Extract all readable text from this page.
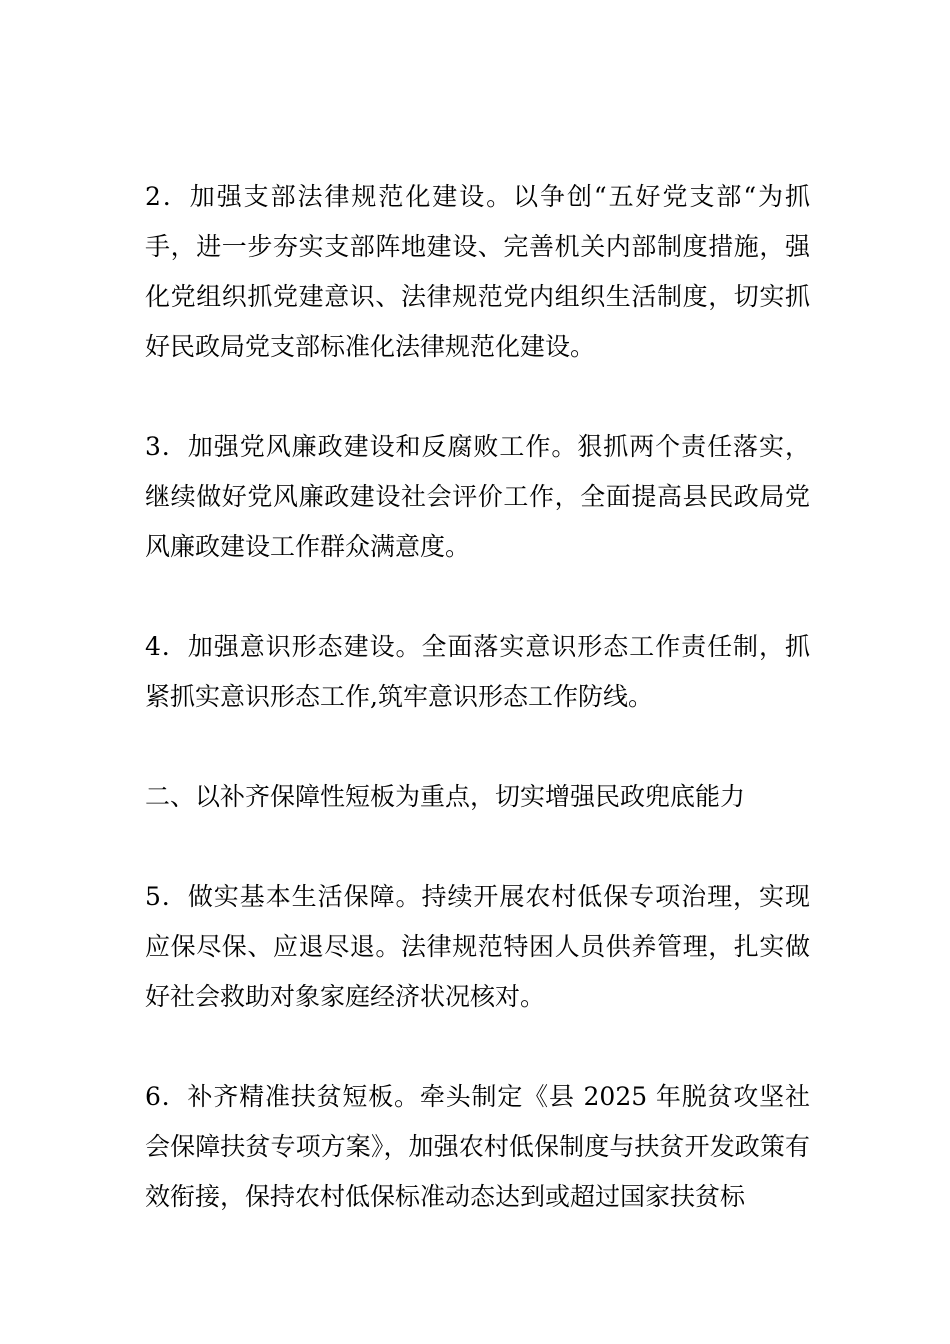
2．加强支部法律规范化建设。以争创“五好党支部“为抓手，进一步夯实支部阵地建设、完善机关内部制度措施，强化党组织抓党建意识、法律规范党内组织生活制度，切实抓好民政局党支部标准化法律规范化建设。

3．加强党风廉政建设和反腐败工作。狠抓两个责任落实，继续做好党风廉政建设社会评价工作，全面提高县民政局党风廉政建设工作群众满意度。

4．加强意识形态建设。全面落实意识形态工作责任制，抓紧抓实意识形态工作,筑牢意识形态工作防线。

二、以补齐保障性短板为重点，切实增强民政兜底能力

5．做实基本生活保障。持续开展农村低保专项治理，实现应保尽保、应退尽退。法律规范特困人员供养管理，扎实做好社会救助对象家庭经济状况核对。

6．补齐精准扶贫短板。牵头制定《县 2025 年脱贫攻坚社会保障扶贫专项方案》，加强农村低保制度与扶贫开发政策有效衔接，保持农村低保标准动态达到或超过国家扶贫标
